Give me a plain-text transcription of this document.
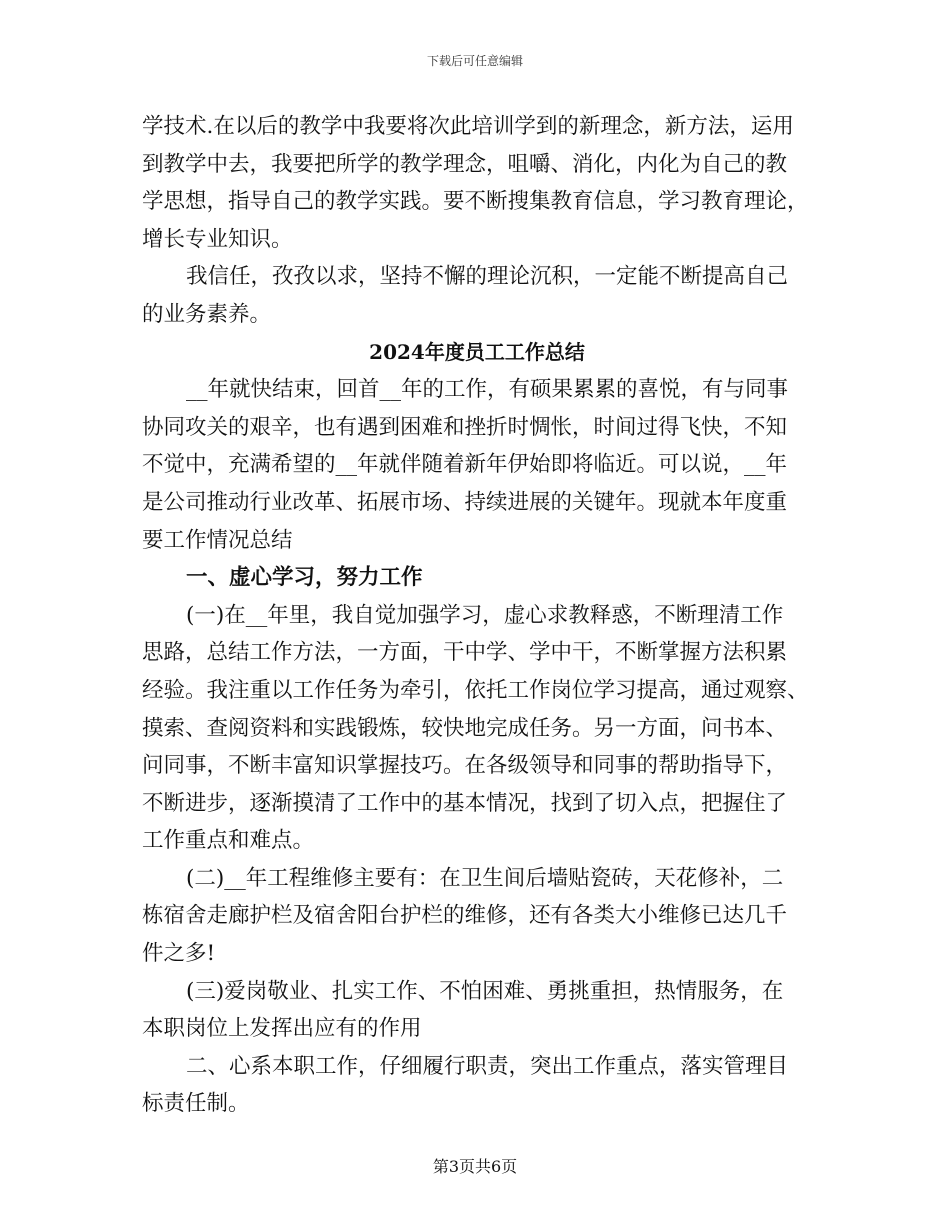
下载后可任意编辑
学技术.在以后的教学中我要将次此培训学到的新理念，新方法，运用
到教学中去，我要把所学的教学理念，咀嚼、消化，内化为自己的教
学思想，指导自己的教学实践。要不断搜集教育信息，学习教育理论，
增长专业知识。
我信任，孜孜以求，坚持不懈的理论沉积，一定能不断提高自己
的业务素养。
2024年度员工工作总结
__年就快结束，回首__年的工作，有硕果累累的喜悦，有与同事
协同攻关的艰辛，也有遇到困难和挫折时惆怅，时间过得飞快，不知
不觉中，充满希望的__年就伴随着新年伊始即将临近。可以说，__年
是公司推动行业改革、拓展市场、持续进展的关键年。现就本年度重
要工作情况总结
一、虚心学习，努力工作
(一)在__年里，我自觉加强学习，虚心求教释惑，不断理清工作
思路，总结工作方法，一方面，干中学、学中干，不断掌握方法积累
经验。我注重以工作任务为牵引，依托工作岗位学习提高，通过观察、
摸索、查阅资料和实践锻炼，较快地完成任务。另一方面，问书本、
问同事，不断丰富知识掌握技巧。在各级领导和同事的帮助指导下，
不断进步，逐渐摸清了工作中的基本情况，找到了切入点，把握住了
工作重点和难点。
(二)__年工程维修主要有：在卫生间后墙贴瓷砖，天花修补，二
栋宿舍走廊护栏及宿舍阳台护栏的维修，还有各类大小维修已达几千
件之多!
(三)爱岗敬业、扎实工作、不怕困难、勇挑重担，热情服务，在
本职岗位上发挥出应有的作用
二、心系本职工作，仔细履行职责，突出工作重点，落实管理目
标责任制。
第3页共6页
